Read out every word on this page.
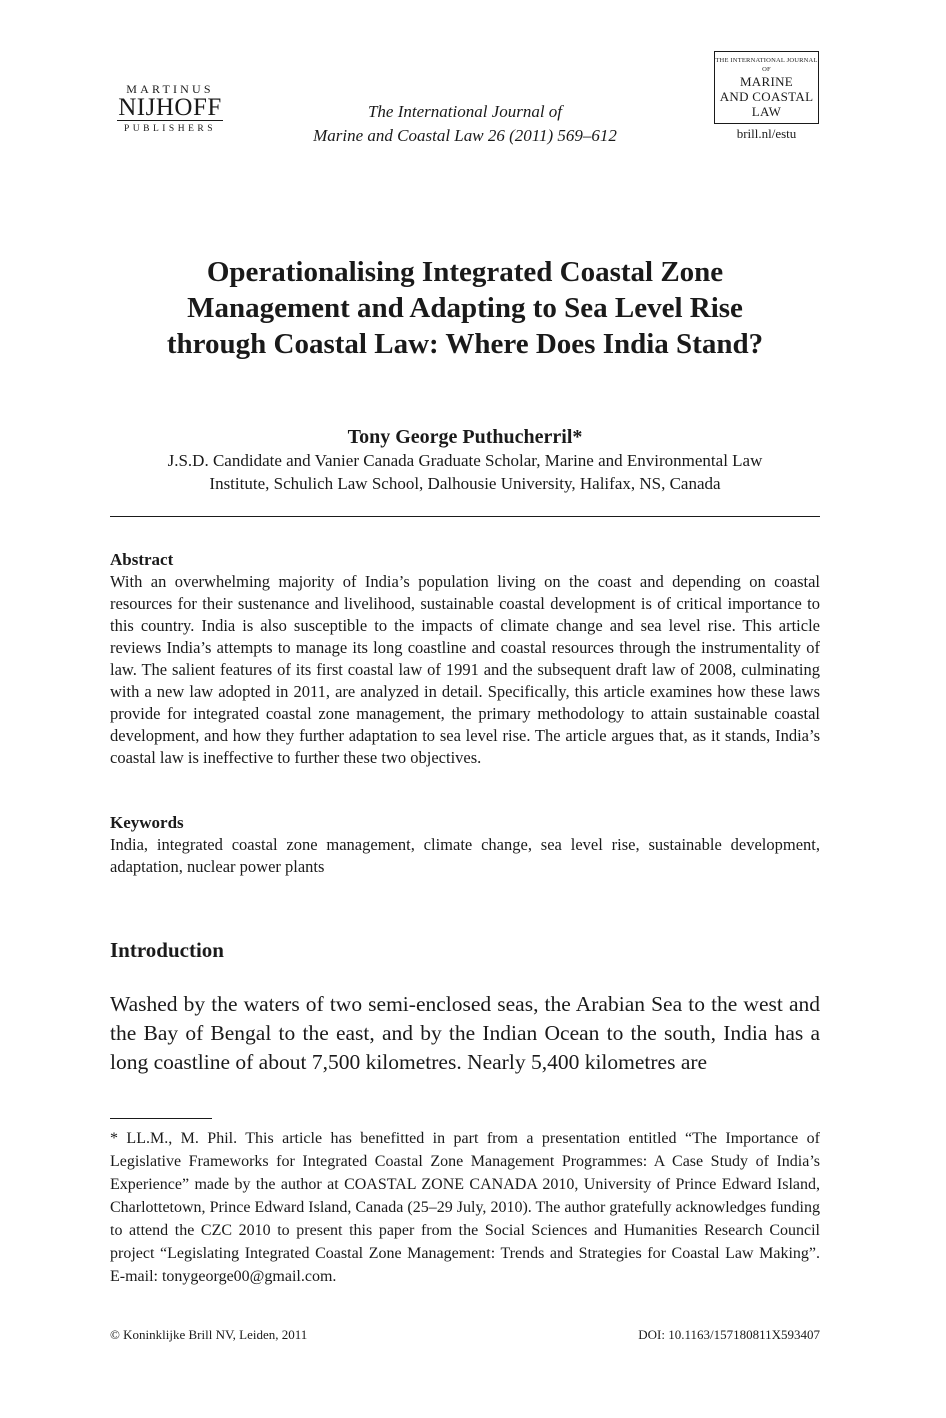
MARTINUS
NIJHOFF
PUBLISHERS
The International Journal of
Marine and Coastal Law 26 (2011) 569–612
THE INTERNATIONAL JOURNAL OF
MARINE
AND COASTAL
LAW
brill.nl/estu
Operationalising Integrated Coastal Zone
Management and Adapting to Sea Level Rise
through Coastal Law: Where Does India Stand?
Tony George Puthucherril*
J.S.D. Candidate and Vanier Canada Graduate Scholar, Marine and Environmental Law
Institute, Schulich Law School, Dalhousie University, Halifax, NS, Canada
Abstract

With an overwhelming majority of India’s population living on the coast and depending on coastal resources for their sustenance and livelihood, sustainable coastal development is of critical importance to this country. India is also susceptible to the impacts of climate change and sea level rise. This article reviews India’s attempts to manage its long coastline and coastal resources through the instrumentality of law. The salient features of its first coastal law of 1991 and the subsequent draft law of 2008, culminating with a new law adopted in 2011, are analyzed in detail. Specifically, this article examines how these laws provide for integrated coastal zone management, the primary methodology to attain sustainable coastal development, and how they further adaptation to sea level rise. The article argues that, as it stands, India’s coastal law is ineffective to further these two objectives.

Keywords

India, integrated coastal zone management, climate change, sea level rise, sustainable development, adaptation, nuclear power plants

Introduction

Washed by the waters of two semi-enclosed seas, the Arabian Sea to the west and the Bay of Bengal to the east, and by the Indian Ocean to the south, India has a long coastline of about 7,500 kilometres. Nearly 5,400 kilometres are

* LL.M., M. Phil. This article has benefitted in part from a presentation entitled “The Importance of Legislative Frameworks for Integrated Coastal Zone Management Programmes: A Case Study of India’s Experience” made by the author at COASTAL ZONE CANADA 2010, University of Prince Edward Island, Charlottetown, Prince Edward Island, Canada (25–29 July, 2010). The author gratefully acknowledges funding to attend the CZC 2010 to present this paper from the Social Sciences and Humanities Research Council project “Legislating Integrated Coastal Zone Management: Trends and Strategies for Coastal Law Making”. E-mail: tonygeorge00@gmail.com.

© Koninklijke Brill NV, Leiden, 2011	DOI: 10.1163/157180811X593407
